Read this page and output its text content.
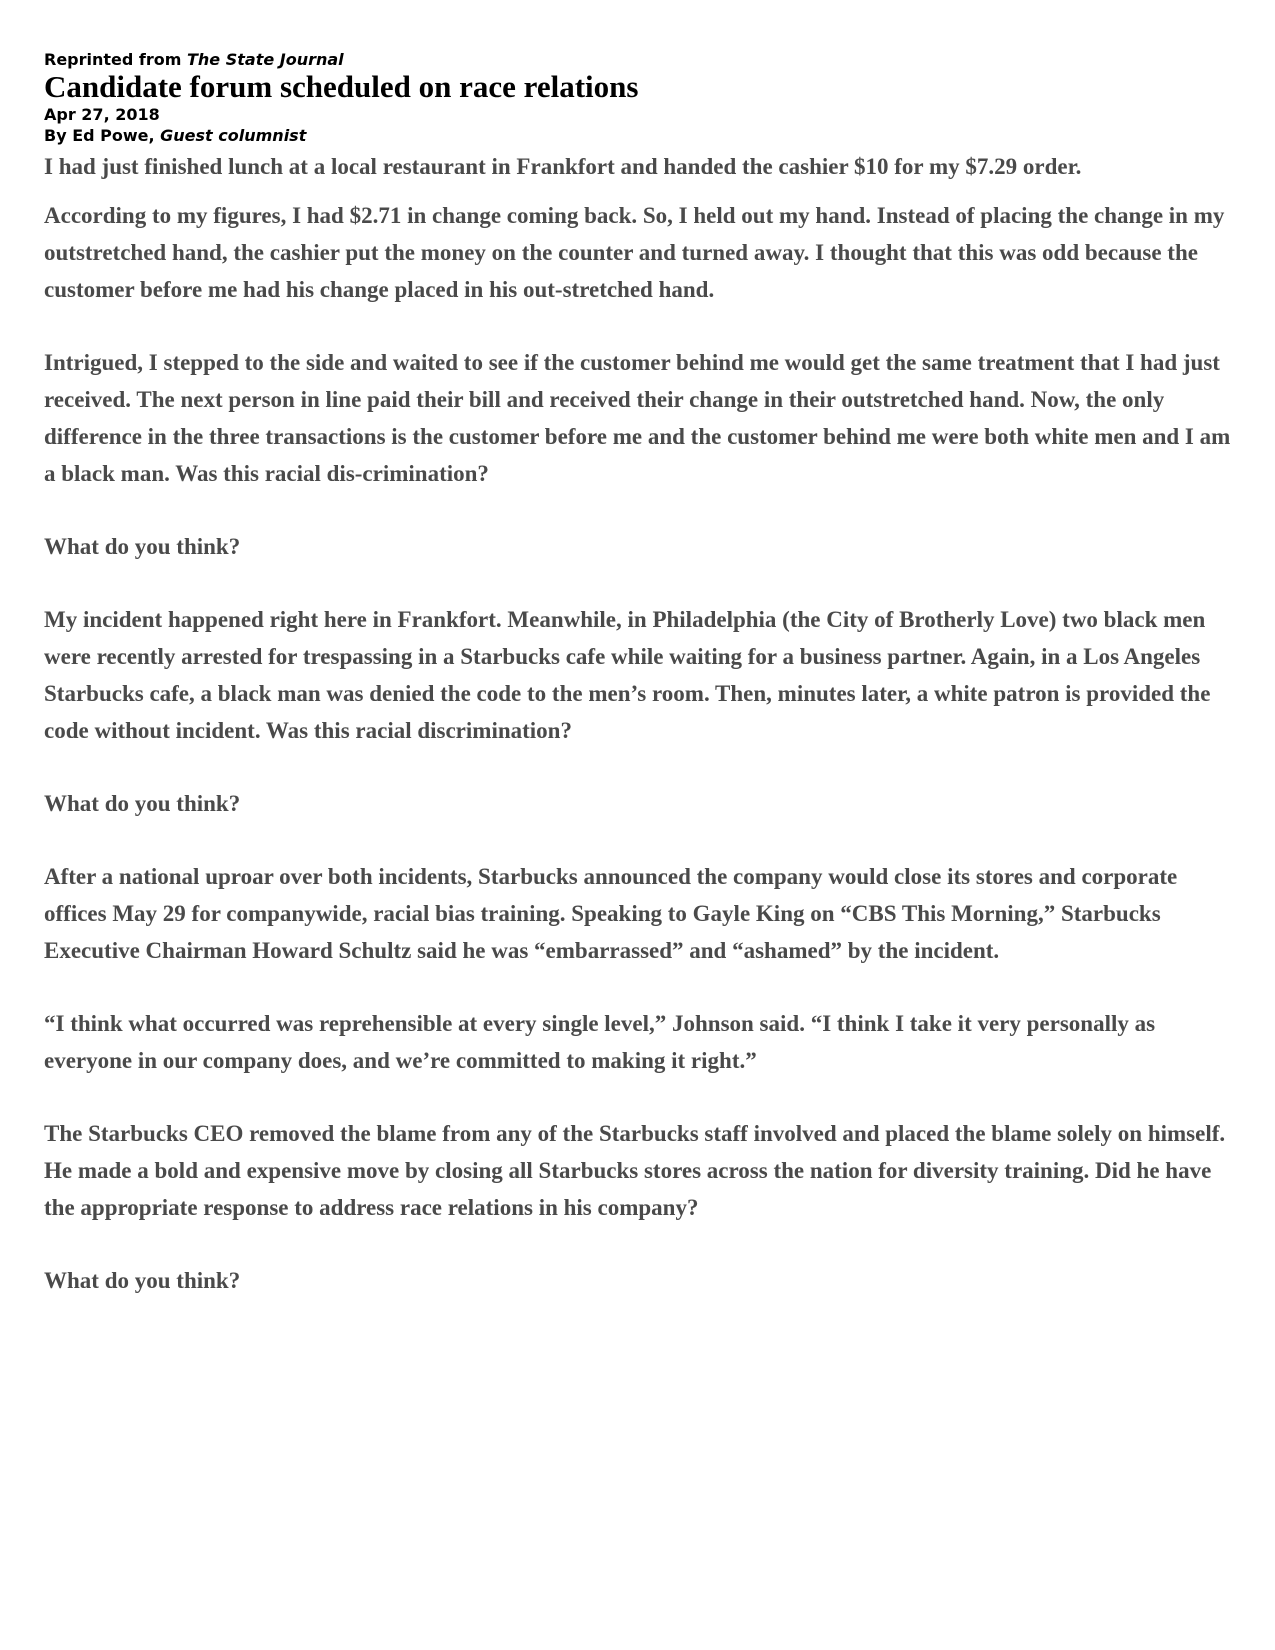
Reprinted from The State Journal
Candidate forum scheduled on race relations
Apr 27, 2018
By Ed Powe, Guest columnist

I had just finished lunch at a local restaurant in Frankfort and handed the cashier $10 for my $7.29 order.

According to my figures, I had $2.71 in change coming back. So, I held out my hand. Instead of placing the change in my outstretched hand, the cashier put the money on the counter and turned away. I thought that this was odd because the customer before me had his change placed in his out-stretched hand.

Intrigued, I stepped to the side and waited to see if the customer behind me would get the same treatment that I had just received. The next person in line paid their bill and received their change in their outstretched hand. Now, the only difference in the three transactions is the customer before me and the customer behind me were both white men and I am a black man. Was this racial dis-crimination?

What do you think?

My incident happened right here in Frankfort. Meanwhile, in Philadelphia (the City of Brotherly Love) two black men were recently arrested for trespassing in a Starbucks cafe while waiting for a business partner. Again, in a Los Angeles Starbucks cafe, a black man was denied the code to the men’s room. Then, minutes later, a white patron is provided the code without incident. Was this racial discrimination?

What do you think?

After a national uproar over both incidents, Starbucks announced the company would close its stores and corporate offices May 29 for companywide, racial bias training. Speaking to Gayle King on “CBS This Morning,” Starbucks Executive Chairman Howard Schultz said he was “embarrassed” and “ashamed” by the incident.

“I think what occurred was reprehensible at every single level,” Johnson said. “I think I take it very personally as everyone in our company does, and we’re committed to making it right.”

The Starbucks CEO removed the blame from any of the Starbucks staff involved and placed the blame solely on himself. He made a bold and expensive move by closing all Starbucks stores across the nation for diversity training. Did he have the appropriate response to address race relations in his company?

What do you think?
